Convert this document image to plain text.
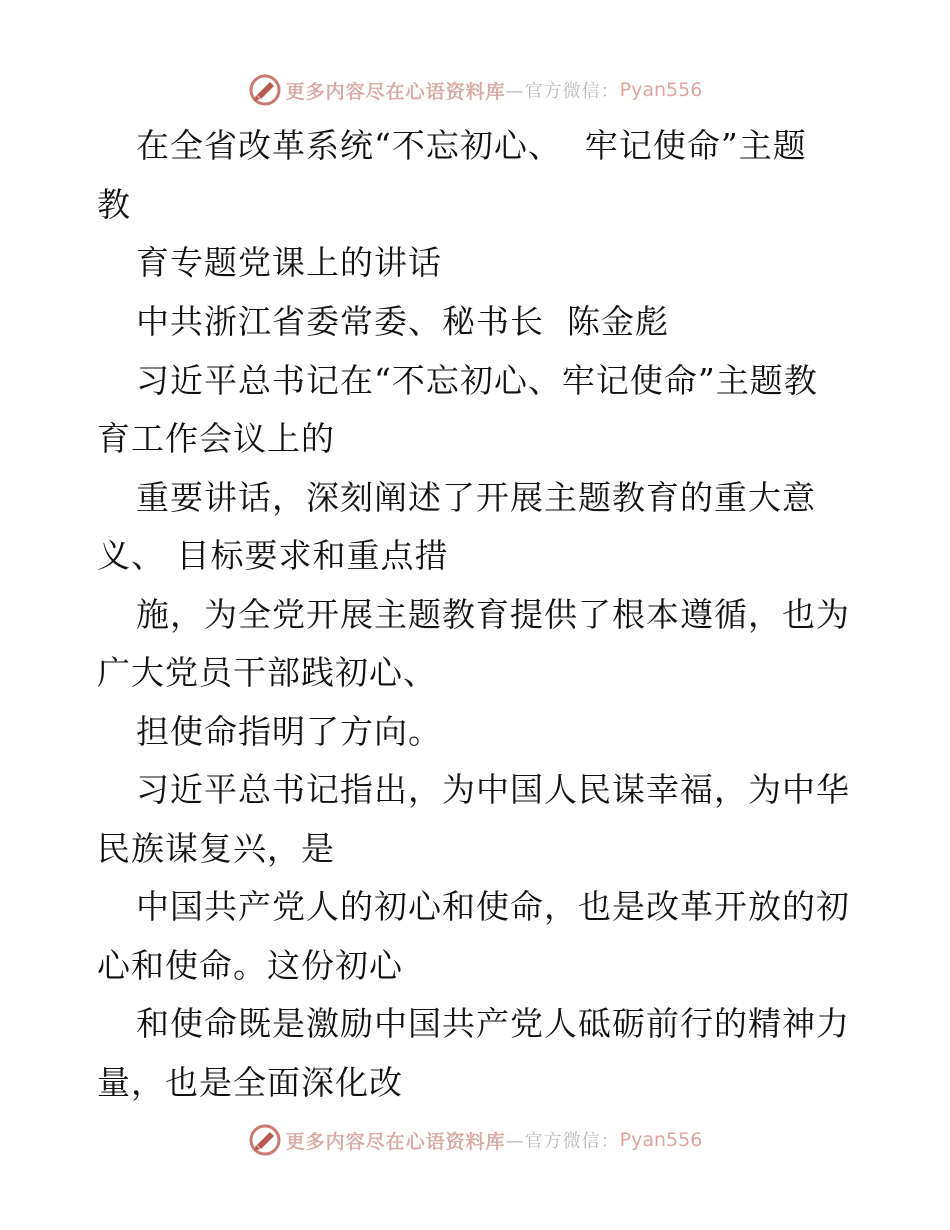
更多内容尽在心语资料库 —官方微信： Pyan556
在全省改革系统“不忘初心、  牢记使命”主题
教
育专题党课上的讲话
中共浙江省委常委、秘书长  陈金彪
习近平总书记在“不忘初心、牢记使命”主题教
育工作会议上的
重要讲话，深刻阐述了开展主题教育的重大意
义、 目标要求和重点措
施，为全党开展主题教育提供了根本遵循，也为
广大党员干部践初心、
担使命指明了方向。
习近平总书记指出，为中国人民谋幸福，为中华
民族谋复兴，是
中国共产党人的初心和使命，也是改革开放的初
心和使命。这份初心
和使命既是激励中国共产党人砥砺前行的精神力
量，也是全面深化改
更多内容尽在心语资料库 —官方微信： Pyan556
